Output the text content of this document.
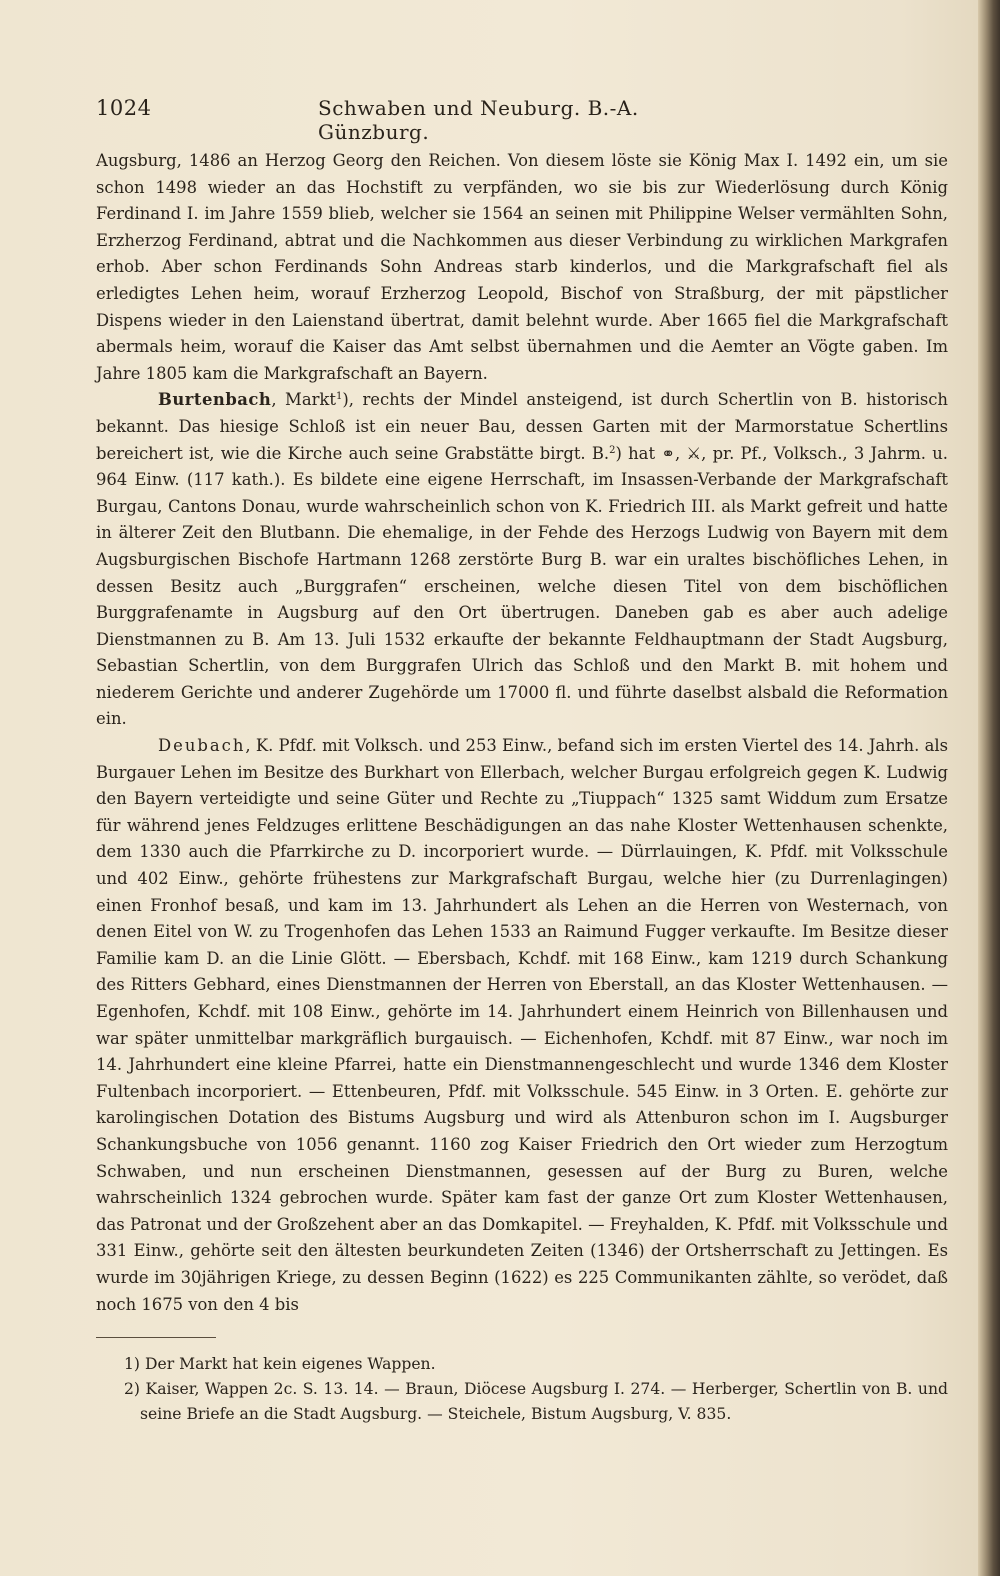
1024	Schwaben und Neuburg. B.-A. Günzburg.

Augsburg, 1486 an Herzog Georg den Reichen. Von diesem löste sie König Max I. 1492 ein, um sie schon 1498 wieder an das Hochstift zu verpfänden, wo sie bis zur Wiederlösung durch König Ferdinand I. im Jahre 1559 blieb, welcher sie 1564 an seinen mit Philippine Welser vermählten Sohn, Erzherzog Ferdinand, abtrat und die Nachkommen aus dieser Verbindung zu wirklichen Markgrafen erhob. Aber schon Ferdinands Sohn Andreas starb kinderlos, und die Markgrafschaft fiel als erledigtes Lehen heim, worauf Erzherzog Leopold, Bischof von Straßburg, der mit päpstlicher Dispens wieder in den Laienstand übertrat, damit belehnt wurde. Aber 1665 fiel die Markgrafschaft abermals heim, worauf die Kaiser das Amt selbst übernahmen und die Aemter an Vögte gaben. Im Jahre 1805 kam die Markgrafschaft an Bayern.

Burtenbach, Markt$^1$), rechts der Mindel ansteigend, ist durch Schertlin von B. historisch bekannt. Das hiesige Schloß ist ein neuer Bau, dessen Garten mit der Marmorstatue Schertlins bereichert ist, wie die Kirche auch seine Grabstätte birgt. B.$^2$) hat ⚭, ⚔, pr. Pf., Volksch., 3 Jahrm. u. 964 Einw. (117 kath.). Es bildete eine eigene Herrschaft, im Insassen-Verbande der Markgrafschaft Burgau, Cantons Donau, wurde wahrscheinlich schon von K. Friedrich III. als Markt gefreit und hatte in älterer Zeit den Blutbann. Die ehemalige, in der Fehde des Herzogs Ludwig von Bayern mit dem Augsburgischen Bischofe Hartmann 1268 zerstörte Burg B. war ein uraltes bischöfliches Lehen, in dessen Besitz auch „Burggrafen“ erscheinen, welche diesen Titel von dem bischöflichen Burggrafenamte in Augsburg auf den Ort übertrugen. Daneben gab es aber auch adelige Dienstmannen zu B. Am 13. Juli 1532 erkaufte der bekannte Feldhauptmann der Stadt Augsburg, Sebastian Schertlin, von dem Burggrafen Ulrich das Schloß und den Markt B. mit hohem und niederem Gerichte und anderer Zugehörde um 17000 fl. und führte daselbst alsbald die Reformation ein.

Deubach, K. Pfdf. mit Volksch. und 253 Einw., befand sich im ersten Viertel des 14. Jahrh. als Burgauer Lehen im Besitze des Burkhart von Ellerbach, welcher Burgau erfolgreich gegen K. Ludwig den Bayern verteidigte und seine Güter und Rechte zu „Tiuppach“ 1325 samt Widdum zum Ersatze für während jenes Feldzuges erlittene Beschädigungen an das nahe Kloster Wettenhausen schenkte, dem 1330 auch die Pfarrkirche zu D. incorporiert wurde. — Dürrlauingen, K. Pfdf. mit Volksschule und 402 Einw., gehörte frühestens zur Markgrafschaft Burgau, welche hier (zu Durrenlagingen) einen Fronhof besaß, und kam im 13. Jahrhundert als Lehen an die Herren von Westernach, von denen Eitel von W. zu Trogenhofen das Lehen 1533 an Raimund Fugger verkaufte. Im Besitze dieser Familie kam D. an die Linie Glött. — Ebersbach, Kchdf. mit 168 Einw., kam 1219 durch Schankung des Ritters Gebhard, eines Dienstmannen der Herren von Eberstall, an das Kloster Wettenhausen. — Egenhofen, Kchdf. mit 108 Einw., gehörte im 14. Jahrhundert einem Heinrich von Billenhausen und war später unmittelbar markgräflich burgauisch. — Eichenhofen, Kchdf. mit 87 Einw., war noch im 14. Jahrhundert eine kleine Pfarrei, hatte ein Dienstmannengeschlecht und wurde 1346 dem Kloster Fultenbach incorporiert. — Ettenbeuren, Pfdf. mit Volksschule. 545 Einw. in 3 Orten. E. gehörte zur karolingischen Dotation des Bistums Augsburg und wird als Attenburon schon im I. Augsburger Schankungsbuche von 1056 genannt. 1160 zog Kaiser Friedrich den Ort wieder zum Herzogtum Schwaben, und nun erscheinen Dienstmannen, gesessen auf der Burg zu Buren, welche wahrscheinlich 1324 gebrochen wurde. Später kam fast der ganze Ort zum Kloster Wettenhausen, das Patronat und der Großzehent aber an das Domkapitel. — Freyhalden, K. Pfdf. mit Volksschule und 331 Einw., gehörte seit den ältesten beurkundeten Zeiten (1346) der Ortsherrschaft zu Jettingen. Es wurde im 30jährigen Kriege, zu dessen Beginn (1622) es 225 Communikanten zählte, so verödet, daß noch 1675 von den 4 bis

1) Der Markt hat kein eigenes Wappen.

2) Kaiser, Wappen 2c. S. 13. 14. — Braun, Diöcese Augsburg I. 274. — Herberger, Schertlin von B. und seine Briefe an die Stadt Augsburg. — Steichele, Bistum Augsburg, V. 835.
